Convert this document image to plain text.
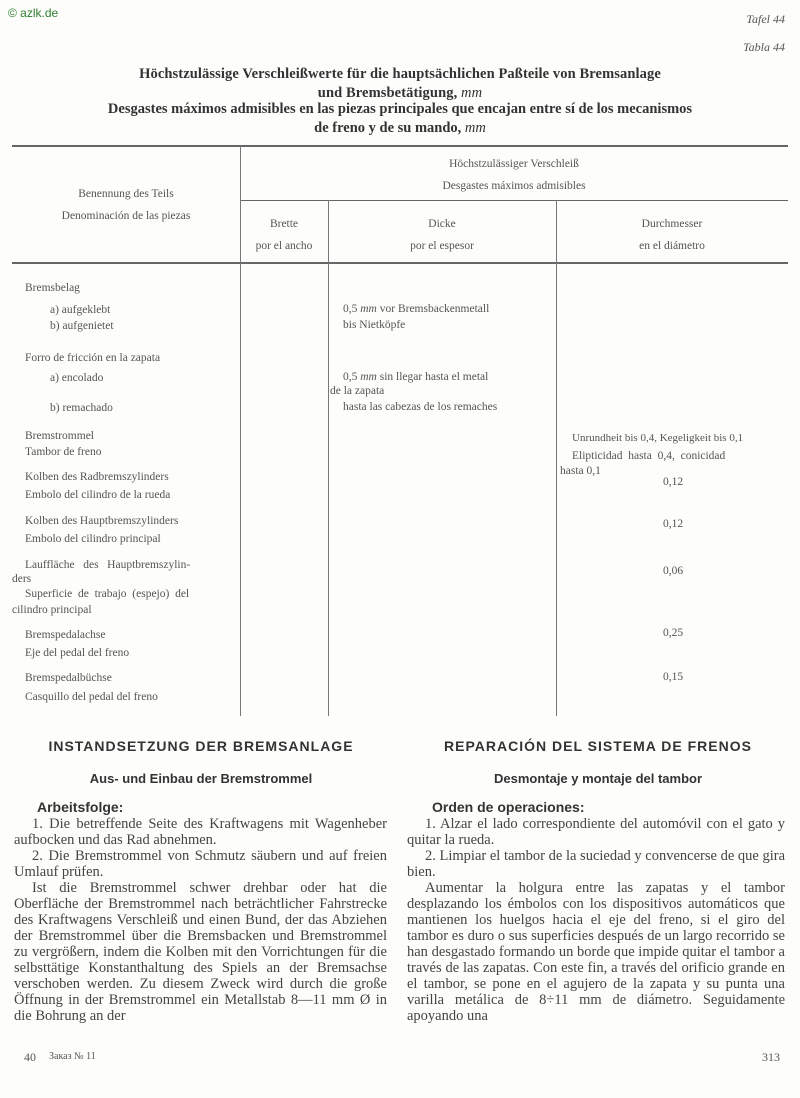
© azlk.de	Tafel 44
Tabla 44
Höchstzulässige Verschleißwerte für die hauptsächlichen Paßteile von Bremsanlage
und Bremsbetätigung, mm
Desgastes máximos admisibles en las piezas principales que encajan entre sí de los mecanismos
de freno y de su mando, mm
Benennung des Teils
Denominación de las piezas
Höchstzulässiger Verschleiß
Desgastes máximos admisibles
Brette
por el ancho
Dicke
por el espesor
Durchmesser
en el diámetro
Bremsbelag
a) aufgeklebt
b) aufgenietet
Forro de fricción en la zapata
a) encolado
b) remachado
0,5 mm vor Bremsbackenmetall
bis Nietköpfe
0,5 mm sin llegar hasta el metal
de la zapata
hasta las cabezas de los remaches
Bremstrommel
Tambor de freno
Unrundheit bis 0,4, Kegeligkeit bis 0,1
Elipticidad  hasta  0,4,  conicidad
hasta 0,1
Kolben des Radbremszylinders
Embolo del cilindro de la rueda
0,12
Kolben des Hauptbremszylinders
Embolo del cilindro principal
0,12
Lauffläche   des   Hauptbremszylin-
ders
Superficie  de  trabajo  (espejo)  del
cilindro principal
0,06
Bremspedalachse
Eje del pedal del freno
0,25
Bremspedalbüchse
Casquillo del pedal del freno
0,15
INSTANDSETZUNG DER BREMSANLAGE
Aus- und Einbau der Bremstrommel
Arbeitsfolge:

1. Die betreffende Seite des Kraftwagens mit Wagenheber aufbocken und das Rad abnehmen.

2. Die Bremstrommel von Schmutz säubern und auf freien Umlauf prüfen.

Ist die Bremstrommel schwer drehbar oder hat die Oberfläche der Bremstrommel nach beträchtlicher Fahrstrecke des Kraftwagens Verschleiß und einen Bund, der das Abziehen der Bremstrommel über die Bremsbacken und Bremstrommel zu vergrößern, indem die Kolben mit den Vorrichtungen für die selbsttätige Konstanthaltung des Spiels an der Bremsachse verschoben werden. Zu diesem Zweck wird durch die große Öffnung in der Bremstrommel ein Metallstab 8—11 mm Ø in die Bohrung an der

40 Заказ № 11
REPARACIÓN DEL SISTEMA DE FRENOS
Desmontaje y montaje del tambor
Orden de operaciones:

1. Alzar el lado correspondiente del automóvil con el gato y quitar la rueda.

2. Limpiar el tambor de la suciedad y convencerse de que gira bien.

Aumentar la holgura entre las zapatas y el tambor desplazando los émbolos con los dispositivos automáticos que mantienen los huelgos hacia el eje del freno, si el giro del tambor es duro o sus superficies después de un largo recorrido se han desgastado formando un borde que impide quitar el tambor a través de las zapatas. Con este fin, a través del orificio grande en el tambor, se pone en el agujero de la zapata y su punta una varilla metálica de 8÷11 mm de diámetro. Seguidamente apoyando una

313
